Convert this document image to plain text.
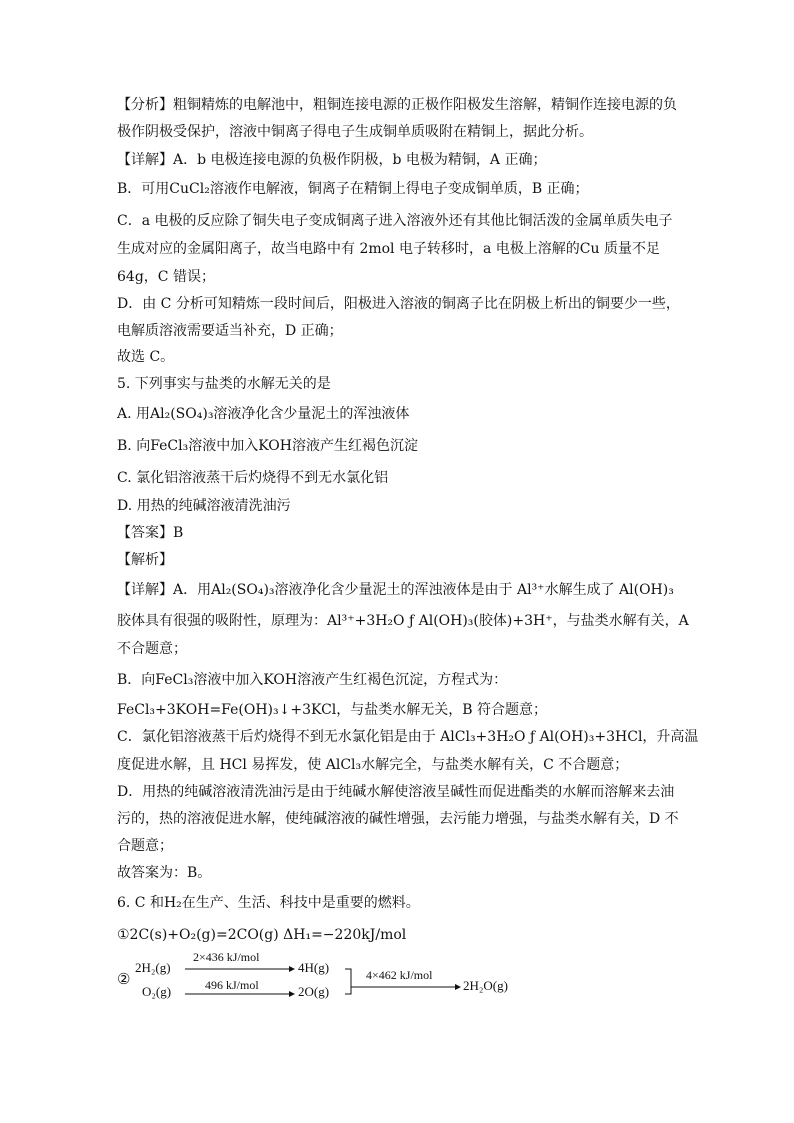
【分析】粗铜精炼的电解池中，粗铜连接电源的正极作阳极发生溶解，精铜作连接电源的负
极作阴极受保护，溶液中铜离子得电子生成铜单质吸附在精铜上，据此分析。
【详解】A．b 电极连接电源的负极作阴极，b 电极为精铜，A 正确；
B．可用CuCl₂溶液作电解液，铜离子在精铜上得电子变成铜单质，B 正确；
C．a 电极的反应除了铜失电子变成铜离子进入溶液外还有其他比铜活泼的金属单质失电子
生成对应的金属阳离子，故当电路中有 2mol 电子转移时，a 电极上溶解的Cu 质量不足
64g，C 错误；
D．由 C 分析可知精炼一段时间后，阳极进入溶液的铜离子比在阴极上析出的铜要少一些，
电解质溶液需要适当补充，D 正确；
故选 C。
5. 下列事实与盐类的水解无关的是
A. 用Al₂(SO₄)₃溶液净化含少量泥土的浑浊液体
B. 向FeCl₃溶液中加入KOH溶液产生红褐色沉淀
C. 氯化铝溶液蒸干后灼烧得不到无水氯化铝
D. 用热的纯碱溶液清洗油污
【答案】B
【解析】
【详解】A．用Al₂(SO₄)₃溶液净化含少量泥土的浑浊液体是由于 Al³⁺水解生成了 Al(OH)₃
胶体具有很强的吸附性，原理为：Al³⁺+3H₂O ƒ Al(OH)₃(胶体)+3H⁺，与盐类水解有关，A
不合题意；
B．向FeCl₃溶液中加入KOH溶液产生红褐色沉淀，方程式为：
FeCl₃+3KOH=Fe(OH)₃↓+3KCl，与盐类水解无关，B 符合题意；
C．氯化铝溶液蒸干后灼烧得不到无水氯化铝是由于 AlCl₃+3H₂O ƒ Al(OH)₃+3HCl，升高温
度促进水解，且 HCl 易挥发，使 AlCl₃水解完全，与盐类水解有关，C 不合题意；
D．用热的纯碱溶液清洗油污是由于纯碱水解使溶液呈碱性而促进酯类的水解而溶解来去油
污的，热的溶液促进水解，使纯碱溶液的碱性增强，去污能力增强，与盐类水解有关，D 不
合题意；
故答案为：B。
6. C 和H₂在生产、生活、科技中是重要的燃料。
①2C(s)+O₂(g)=2CO(g) ΔH₁=−220kJ/mol
②
2H₂(g)
O₂(g)
2×436 kJ/mol
496 kJ/mol
4H(g)
2O(g)
4×462 kJ/mol
2H₂O(g)
